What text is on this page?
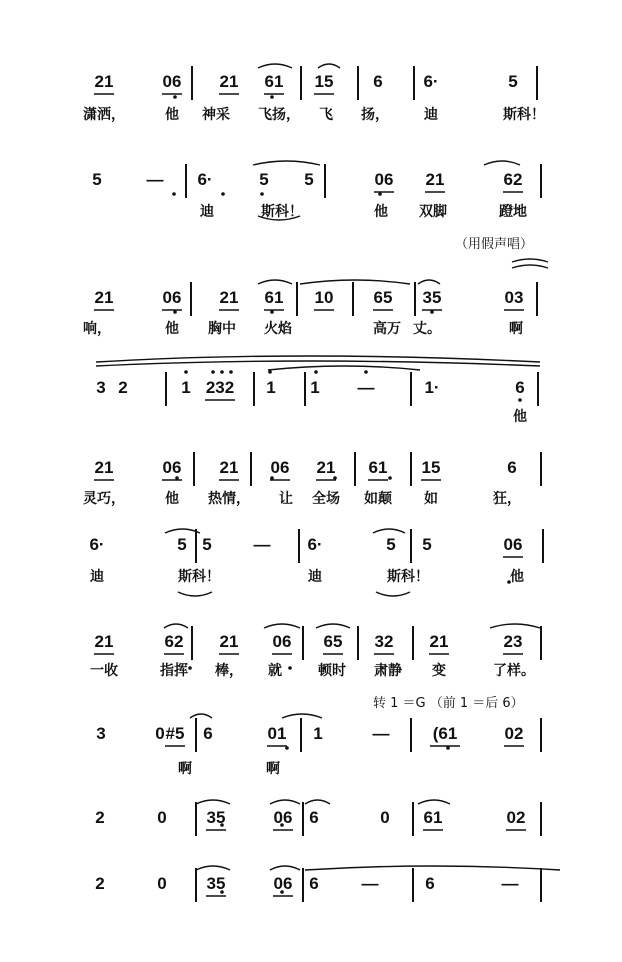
21	06 21 61 15 6 6·	5
潇洒，	他 神采 飞扬， 飞 扬，	迪	斯科！
5	— 6·	5 5	06 21	62
迪	斯科！	他 双脚	蹬地
21	06 21 61 10 65 35	03
响，	他 胸中 火焰	高万 丈。	啊
（用假声唱）
3 2	1 232 1 1 —	1·	6
他
21	06 21 06 21 61 15	6
灵巧，	他 热情， 让 全场 如颠 如	狂，
6·	5 5 — 6·	5 5	06
迪	斯科！	迪	斯科！	他
21	62 21 06 65 32 21	23
一收	指挥 棒， 就	顿时 肃静 变	了样。
3	0 #5 6	01 1	—	(61	02
啊	啊
转 1 ＝G （前 1 ＝后 6）
2	0 35	06 6	0 61	02
2	0 35	06 6	—	6	—
